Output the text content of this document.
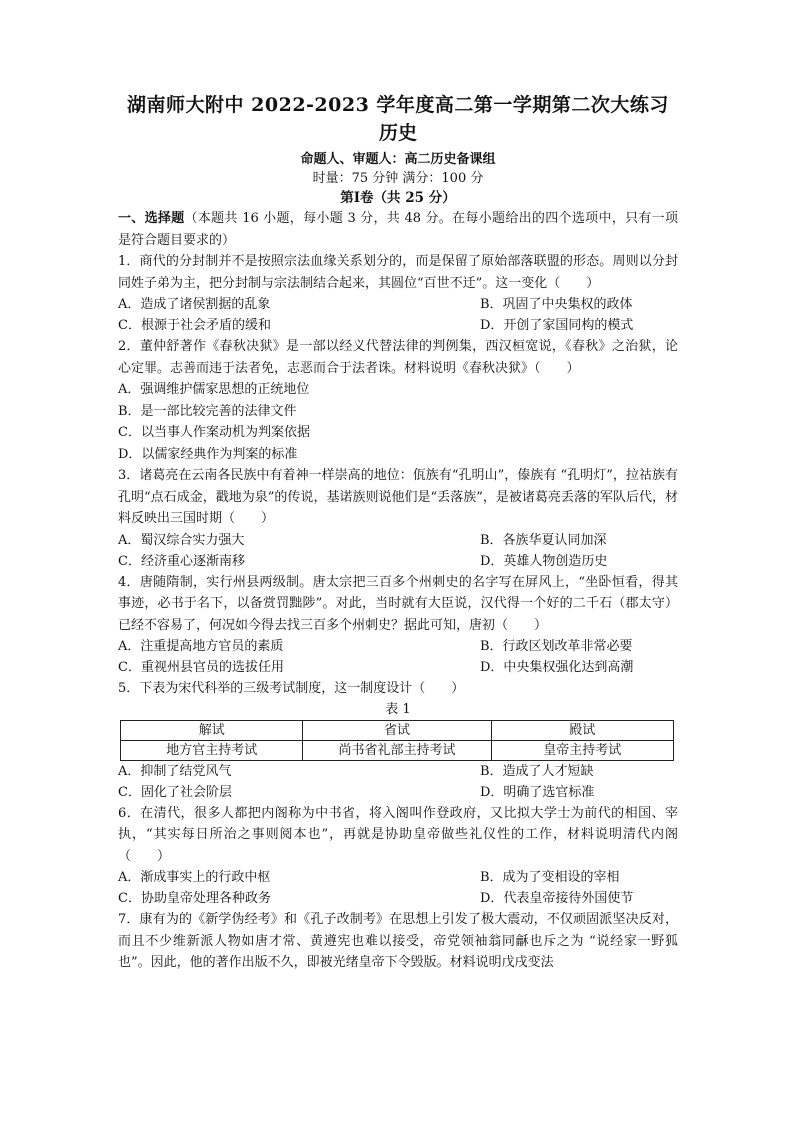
湖南师大附中 2022-2023 学年度高二第一学期第二次大练习
历史
命题人、审题人：高二历史备课组
时量：75 分钟 满分：100 分
第Ⅰ卷（共 25 分）
一、选择题（本题共 16 小题，每小题 3 分，共 48 分。在每小题给出的四个选项中，只有一项是符合题目要求的）
1．商代的分封制并不是按照宗法血缘关系划分的，而是保留了原始部落联盟的形态。周则以分封同姓子弟为主，把分封制与宗法制结合起来，其圆位“百世不迁”。这一变化（　　）
A．造成了诸侯割据的乱象	B．巩固了中央集权的政体
C．根源于社会矛盾的缓和	D．开创了家国同构的模式
2．董仲舒著作《春秋决狱》是一部以经义代替法律的判例集，西汉桓宽说，《春秋》之治狱，论心定罪。志善而违于法者免，志恶而合于法者诛。材料说明《春秋决狱》（　　）
A．强调维护儒家思想的正统地位
B．是一部比较完善的法律文件
C．以当事人作案动机为判案依据
D．以儒家经典作为判案的标准
3．诸葛亮在云南各民族中有着神一样崇高的地位：佤族有“孔明山”，傣族有 “孔明灯”，拉祜族有孔明“点石成金，戳地为泉”的传说，基诺族则说他们是“丢落族”，是被诸葛亮丢落的军队后代，材料反映出三国时期（　　）
A．蜀汉综合实力强大	B．各族华夏认同加深
C．经济重心逐渐南移	D．英雄人物创造历史
4．唐随隋制，实行州县两级制。唐太宗把三百多个州刺史的名字写在屏风上，“坐卧恒看，得其事迹，必书于名下，以备赏罚黜陟”。对此，当时就有大臣说，汉代得一个好的二千石（郡太守）已经不容易了，何况如今得去找三百多个州刺史？据此可知，唐初（　　）
A．注重提高地方官员的素质	B．行政区划改革非常必要
C．重视州县官员的选拔任用	D．中央集权强化达到高潮
5．下表为宋代科举的三级考试制度，这一制度设计（　　）
表 1
解试	省试	殿试
地方官主持考试	尚书省礼部主持考试	皇帝主持考试
A．抑制了结党风气	B．造成了人才短缺
C．固化了社会阶层	D．明确了选官标准
6．在清代，很多人都把内阁称为中书省，将入阁叫作登政府，又比拟大学士为前代的相国、宰执，“其实每日所治之事则阅本也”，再就是协助皇帝做些礼仪性的工作，材料说明清代内阁（　　）
A．渐成事实上的行政中枢	B．成为了变相设的宰相
C．协助皇帝处理各种政务	D．代表皇帝接待外国使节
7．康有为的《新学伪经考》和《孔子改制考》在思想上引发了极大震动，不仅顽固派坚决反对，而且不少维新派人物如唐才常、黄遵宪也难以接受，帝党领袖翁同龢也斥之为 “说经家一野狐也”。因此，他的著作出版不久，即被光绪皇帝下令毁版。材料说明戊戌变法
